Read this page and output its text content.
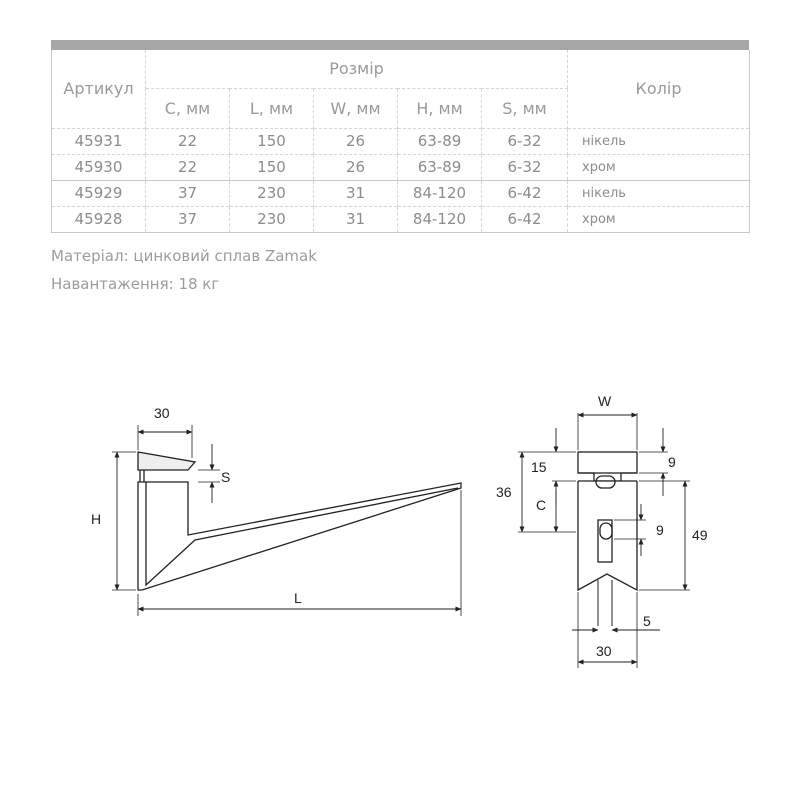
Артикул	Розмір					Колір
	C, мм	L, мм	W, мм	H, мм	S, мм	
45931	22	150	26	63-89	6-32	нікель
45930	22	150	26	63-89	6-32	хром
45929	37	230	31	84-120	6-42	нікель
45928	37	230	31	84-120	6-42	хром
Матеріал: цинковий сплав Zamak
Навантаження: 18 кг
30
S
H
L
W
15
36
C
9
9 49
5
30
